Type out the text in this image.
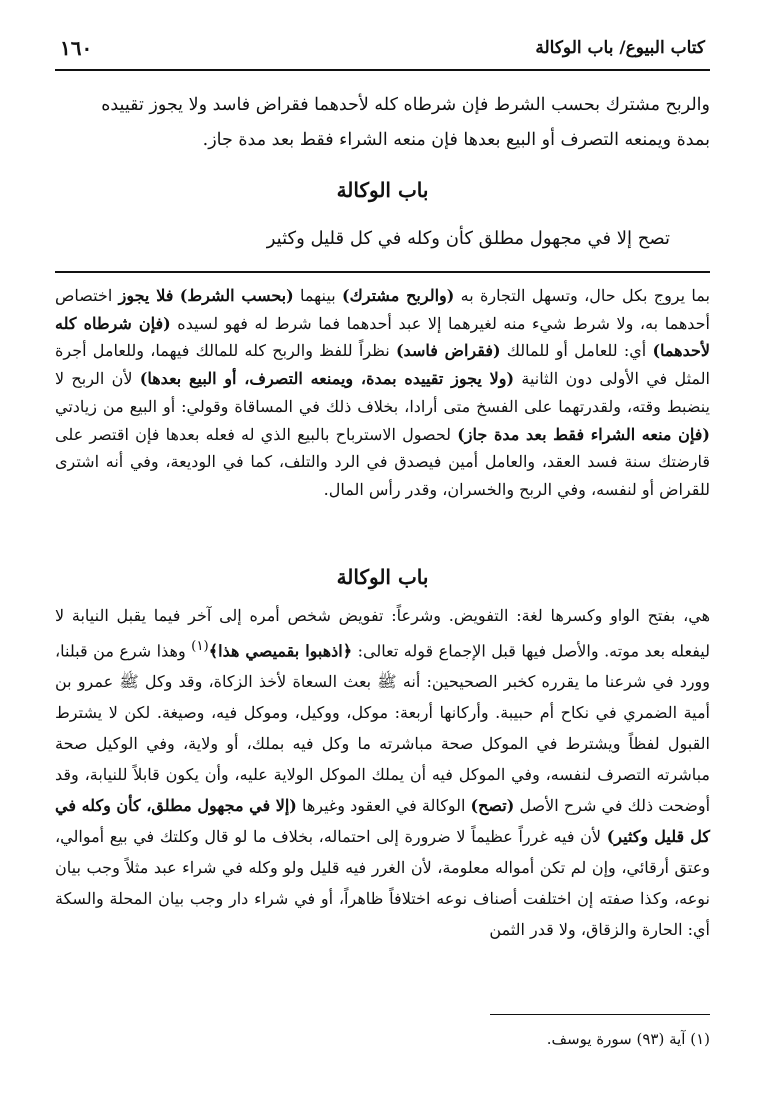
كتاب البيوع/ باب الوكالة
١٦٠

والربح مشترك بحسب الشرط فإن شرطاه كله لأحدهما فقراض فاسد ولا يجوز تقييده

بمدة ويمنعه التصرف أو البيع بعدها فإن منعه الشراء فقط بعد مدة جاز.

باب الوكالة
تصح إلا في مجهول مطلق كأن وكله في كل قليل وكثير

بما يروج بكل حال، وتسهل التجارة به (والربح مشترك) بينهما (بحسب الشرط) فلا يجوز اختصاص أحدهما به، ولا شرط شيء منه لغيرهما إلا عبد أحدهما فما شرط له فهو لسيده (فإن شرطاه كله لأحدهما) أي: للعامل أو للمالك (فقراض فاسد) نظراً للفظ والربح كله للمالك فيهما، وللعامل أجرة المثل في الأولى دون الثانية (ولا يجوز تقييده بمدة، ويمنعه التصرف، أو البيع بعدها) لأن الربح لا ينضبط وقته، ولقدرتهما على الفسخ متى أرادا، بخلاف ذلك في المساقاة وقولي: أو البيع من زيادتي (فإن منعه الشراء فقط بعد مدة جاز) لحصول الاسترباح بالبيع الذي له فعله بعدها فإن اقتصر على قارضتك سنة فسد العقد، والعامل أمين فيصدق في الرد والتلف، كما في الوديعة، وفي أنه اشترى للقراض أو لنفسه، وفي الربح والخسران، وقدر رأس المال.

باب الوكالة

هي، بفتح الواو وكسرها لغة: التفويض. وشرعاً: تفويض شخص أمره إلى آخر فيما يقبل النيابة لا ليفعله بعد موته. والأصل فيها قبل الإجماع قوله تعالى: ﴿اذهبوا بقميصي هذا﴾$^{(١)}$ وهذا شرع من قبلنا، وورد في شرعنا ما يقرره كخبر الصحيحين: أنه ﷺ بعث السعاة لأخذ الزكاة، وقد وكل ﷺ عمرو بن أمية الضمري في نكاح أم حبيبة. وأركانها أربعة: موكل، ووكيل، وموكل فيه، وصيغة. لكن لا يشترط القبول لفظاً ويشترط في الموكل صحة مباشرته ما وكل فيه بملك، أو ولاية، وفي الوكيل صحة مباشرته التصرف لنفسه، وفي الموكل فيه أن يملك الموكل الولاية عليه، وأن يكون قابلاً للنيابة، وقد أوضحت ذلك في شرح الأصل (تصح) الوكالة في العقود وغيرها (إلا في مجهول مطلق، كأن وكله في كل قليل وكثير) لأن فيه غرراً عظيماً لا ضرورة إلى احتماله، بخلاف ما لو قال وكلتك في بيع أموالي، وعتق أرقائي، وإن لم تكن أمواله معلومة، لأن الغرر فيه قليل ولو وكله في شراء عبد مثلاً وجب بيان نوعه، وكذا صفته إن اختلفت أصناف نوعه اختلافاً ظاهراً، أو في شراء دار وجب بيان المحلة والسكة أي: الحارة والزقاق، ولا قدر الثمن

(١) آية (٩٣) سورة يوسف.
